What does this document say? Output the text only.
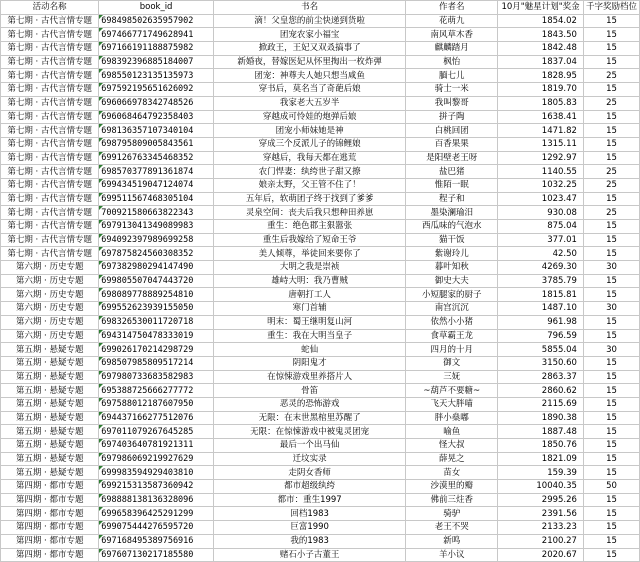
活动名称	book_id	书名	作者名	10月"魅星计划"奖金	千字奖励档位
第七期 · 古代言情专题	698498502635957902	滴！父皇您的前尘快递到货啦	花萌九	1854.02	15
第七期 · 古代言情专题	697466771749628941	团宠农家小福宝	南风草木香	1843.50	15
第七期 · 古代言情专题	697166191188875982	掀政王，王妃又双叒搞事了	麒麟踏月	1842.48	15
第七期 · 古代言情专题	698392396885184007	新婚夜，替嫁医妃从怀里掏出一枚炸弹	枫怡	1837.04	15
第七期 · 古代言情专题	698550123135135973	团宠：神尊夫人她只想当咸鱼	腼七儿	1828.95	25
第七期 · 古代言情专题	697592195651626092	穿书后，莫名当了奇葩后娘	骑士一米	1819.70	15
第七期 · 古代言情专题	696066978342748526	我家老大五岁半	我叫黎哥	1805.83	25
第七期 · 古代言情专题	696068464792358403	穿越成可怜娃的炮弹后娘	拼子陶	1638.41	15
第七期 · 古代言情专题	698136357107340104	团宠小师妹她是神	白桃回团	1471.82	15
第七期 · 古代言情专题	698795809005843561	穿成三个反派儿子的锦鲤娘	百香果果	1315.11	15
第七期 · 古代言情专题	699126763345468352	穿越后，我每天都在逃荒	是阳壁老王呀	1292.97	15
第七期 · 古代言情专题	698570377891361874	农门悍妻：纨绔世子甜又撩	盐巴猪	1140.55	25
第七期 · 古代言情专题	699434519047124074	娘亲太野，父王管不住了！	惟陌一眠	1032.25	25
第七期 · 古代言情专题	699511567468305104	五年后，软萌团子终于找到了爹爹	程子和	1023.47	15
第七期 · 古代言情专题	700921580663822343	灵泉空间：丧夫后我只想种田养崽	墨染澜瑜汨	930.08	25
第七期 · 古代言情专题	697913041349089983	重生：绝色郡主狠嚣张	西瓜味的气泡水	875.04	15
第七期 · 古代言情专题	694092397989699258	重生后我嫁给了短命王爷	猫干饭	377.01	15
第七期 · 古代言情专题	697875824560308352	美人倾尊，举徒回来要你了	紫谢玲儿	42.50	15
第六期 · 历史专题	697382980294147490	大明之我是崇祯	暮叶知秋	4269.30	30
第六期 · 历史专题	699805507047443720	雄峙大明：我乃曹贼	御史大夫	3785.79	15
第六期 · 历史专题	698089778889254810	唐朝打工人	小短腿家的厨子	1815.81	15
第六期 · 历史专题	699552623939155050	寒门首辅	南宫沉沉	1487.10	30
第六期 · 历史专题	698326530011720718	明末：蜀王继明复山河	依然小小猪	961.98	15
第六期 · 历史专题	694314750478333019	重生：我在大明当皇子	食草霸王龙	796.59	15
第五期 · 悬疑专题	699026170214298729	蛇仙	四月的十月	5855.04	30
第五期 · 悬疑专题	698507985809517214	阴阳鬼才	御文	3150.60	15
第五期 · 悬疑专题	697980733683582983	在惊悚游戏里养搭片人	三妩	2863.37	15
第五期 · 悬疑专题	695388725666277772	骨笛	~葫芦不要糖~	2860.62	15
第五期 · 悬疑专题	697588012187607950	恶灵的恐怖游戏	飞天大胖喵	2115.69	15
第五期 · 悬疑专题	694437166277512076	无限：在末世黑棺里苏醒了	胖小燊嘟	1890.38	15
第五期 · 悬疑专题	697011079267645285	无限：在惊悚游戏中被鬼灵团宠	喻鱼	1887.48	15
第五期 · 悬疑专题	697403640781921311	最后一个出马仙	怪大叔	1850.76	15
第五期 · 悬疑专题	697986069219927629	迁坟实录	薛晃之	1821.09	15
第五期 · 悬疑专题	699983594929403810	走阴女香师	苗女	159.39	15
第四期 · 都市专题	699215313587360942	都市超级纨绔	沙漠里的瓣	10040.35	50
第四期 · 都市专题	698888138136328096	都市：重生1997	佛前三炷香	2995.26	15
第四期 · 都市专题	699658396425291299	回档1983	骑驴	2391.56	15
第四期 · 都市专题	699075444276595720	巨富1990	老王不哭	2133.23	15
第四期 · 都市专题	697168495389756916	我的1983	新鸣	2100.27	15
第四期 · 都市专题	697607130217185580	赌石小子古董王	羊小议	2020.67	15
